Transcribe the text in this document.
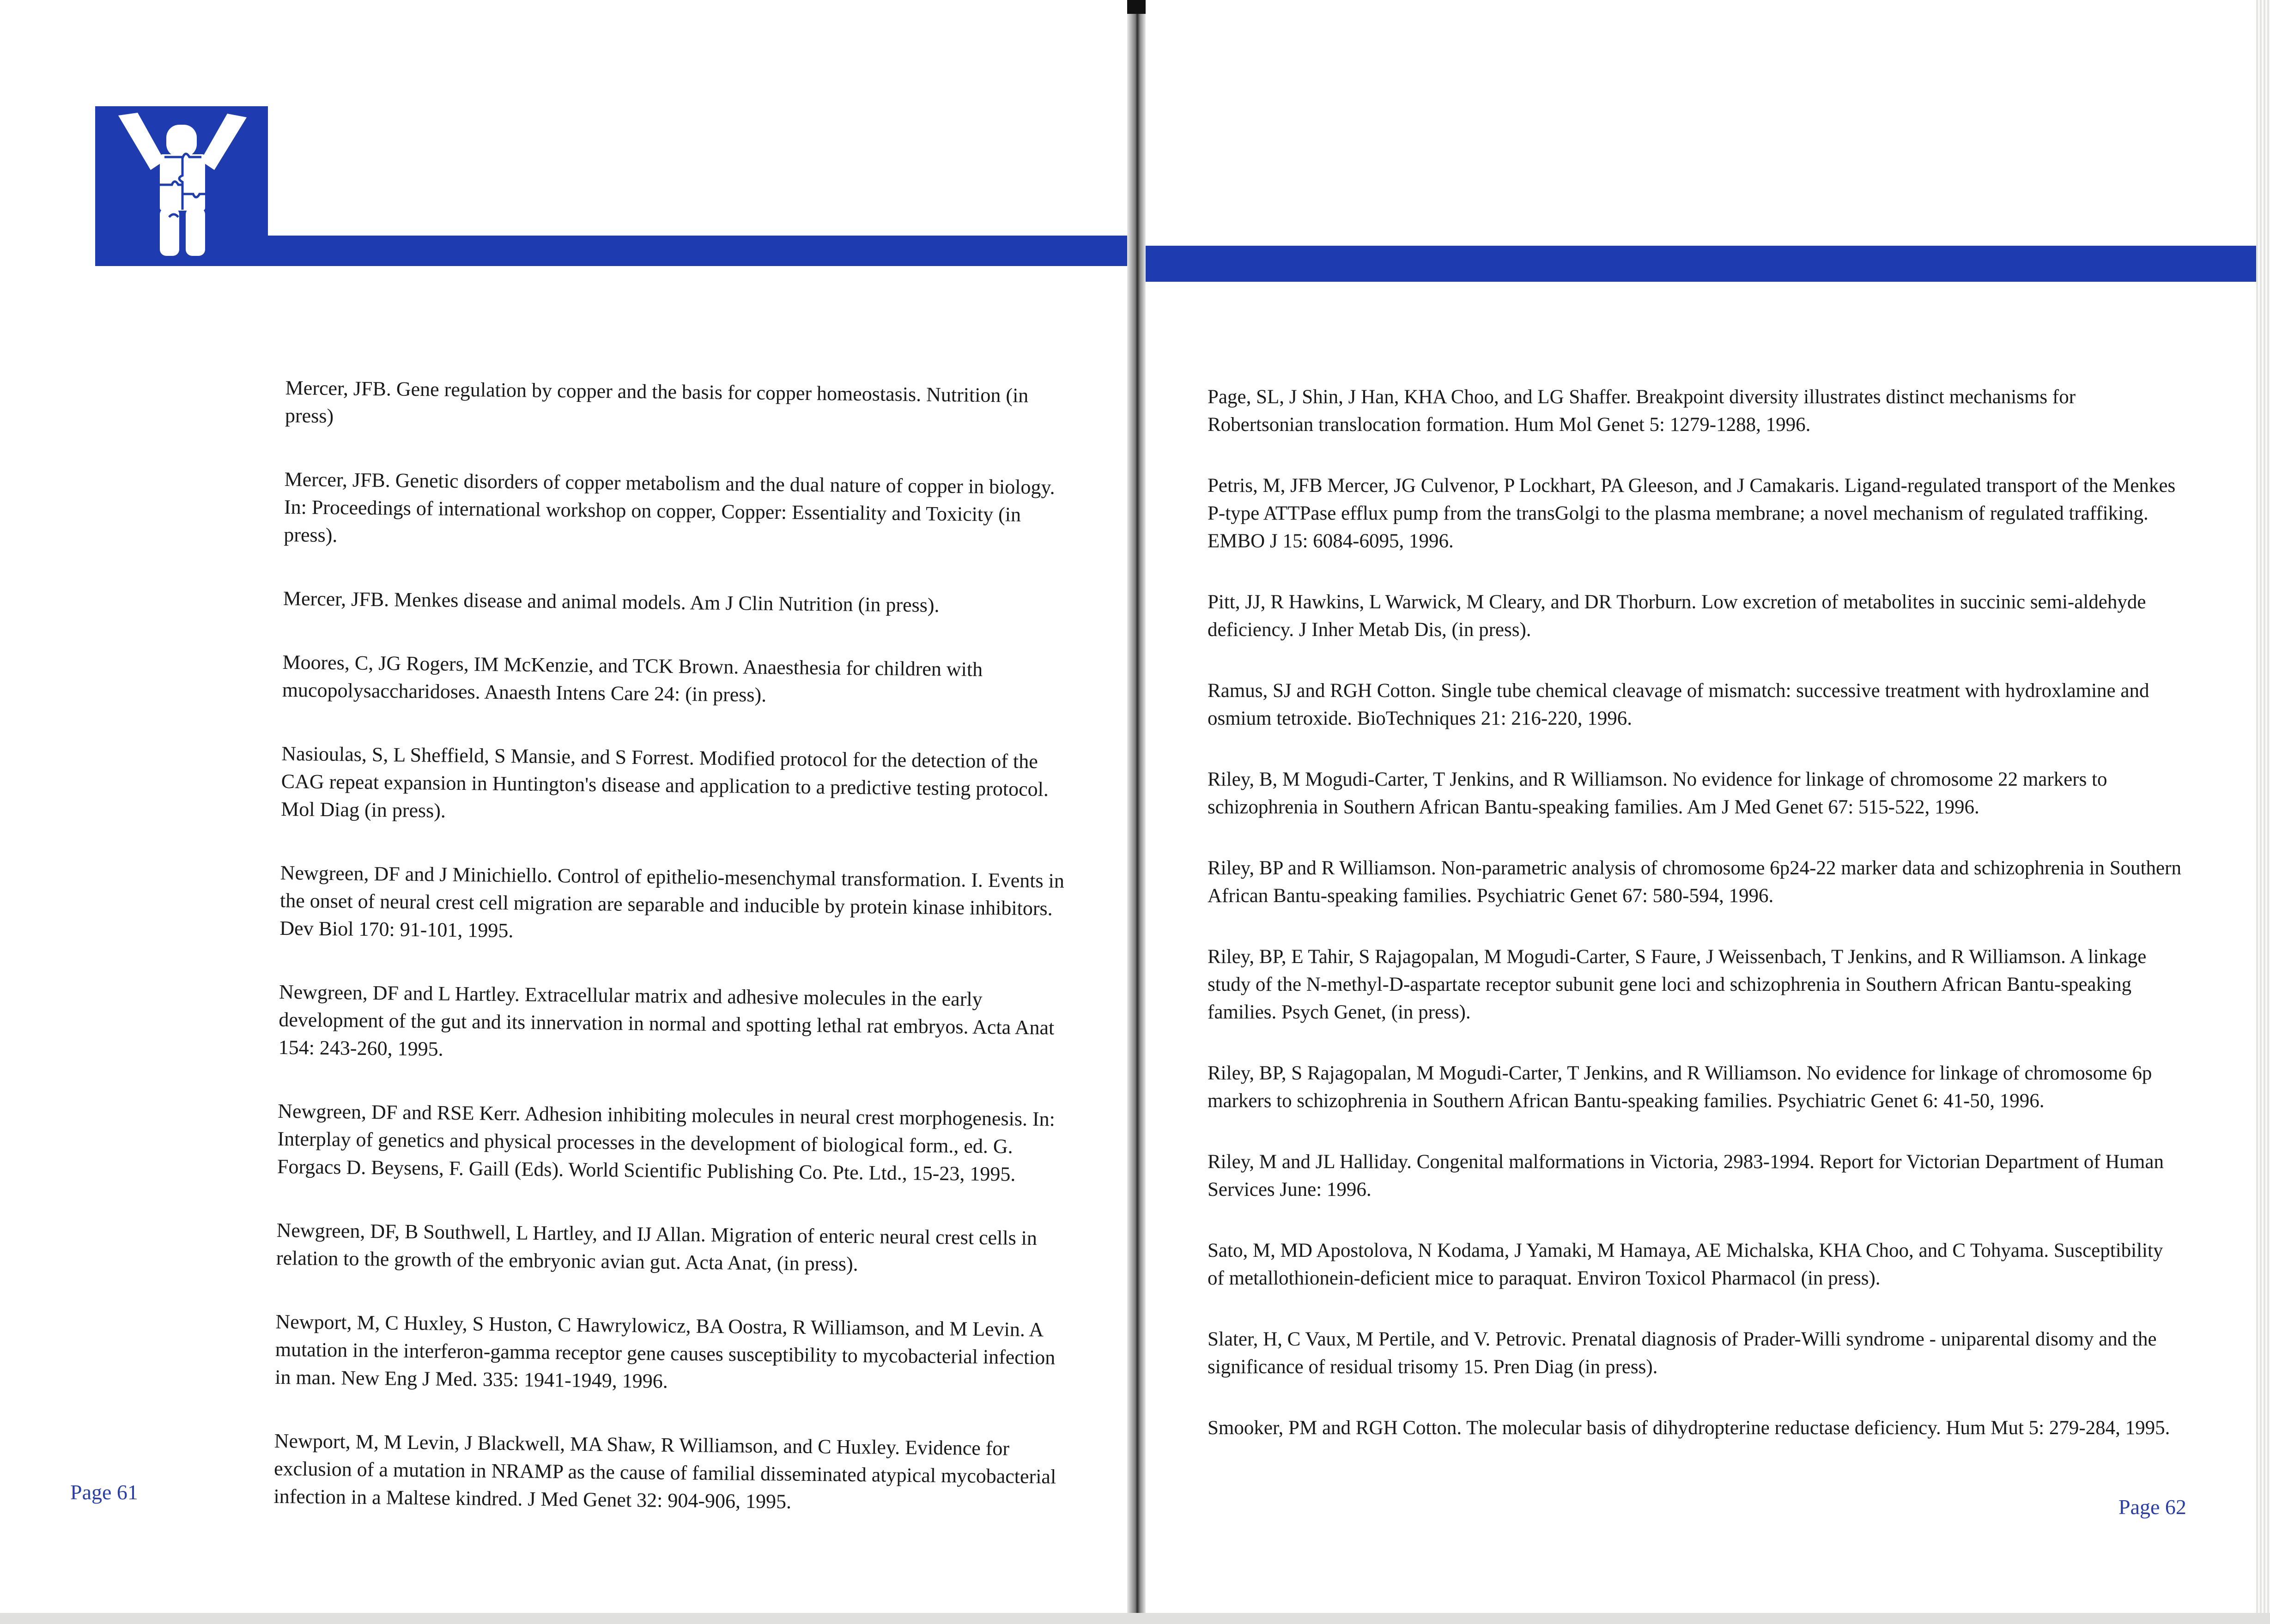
Mercer, JFB. Gene regulation by copper and the basis for copper homeostasis. Nutrition (in press)
Mercer, JFB. Genetic disorders of copper metabolism and the dual nature of copper in biology. In: Proceedings of international workshop on copper, Copper: Essentiality and Toxicity (in press).
Mercer, JFB. Menkes disease and animal models. Am J Clin Nutrition (in press).
Moores, C, JG Rogers, IM McKenzie, and TCK Brown. Anaesthesia for children with mucopolysaccharidoses. Anaesth Intens Care 24: (in press).
Nasioulas, S, L Sheffield, S Mansie, and S Forrest. Modified protocol for the detection of the CAG repeat expansion in Huntington's disease and application to a predictive testing protocol. Mol Diag (in press).
Newgreen, DF and J Minichiello. Control of epithelio-mesenchymal transformation. I. Events in the onset of neural crest cell migration are separable and inducible by protein kinase inhibitors. Dev Biol 170: 91-101, 1995.
Newgreen, DF and L Hartley. Extracellular matrix and adhesive molecules in the early development of the gut and its innervation in normal and spotting lethal rat embryos. Acta Anat 154: 243-260, 1995.
Newgreen, DF and RSE Kerr. Adhesion inhibiting molecules in neural crest morphogenesis. In: Interplay of genetics and physical processes in the development of biological form., ed. G. Forgacs D. Beysens, F. Gaill (Eds). World Scientific Publishing Co. Pte. Ltd., 15-23, 1995.
Newgreen, DF, B Southwell, L Hartley, and IJ Allan. Migration of enteric neural crest cells in relation to the growth of the embryonic avian gut. Acta Anat, (in press).
Newport, M, C Huxley, S Huston, C Hawrylowicz, BA Oostra, R Williamson, and M Levin. A mutation in the interferon-gamma receptor gene causes susceptibility to mycobacterial infection in man. New Eng J Med. 335: 1941-1949, 1996.
Newport, M, M Levin, J Blackwell, MA Shaw, R Williamson, and C Huxley. Evidence for exclusion of a mutation in NRAMP as the cause of familial disseminated atypical mycobacterial infection in a Maltese kindred. J Med Genet 32: 904-906, 1995.
Page 61
Page, SL, J Shin, J Han, KHA Choo, and LG Shaffer. Breakpoint diversity illustrates distinct mechanisms for Robertsonian translocation formation. Hum Mol Genet 5: 1279-1288, 1996.
Petris, M, JFB Mercer, JG Culvenor, P Lockhart, PA Gleeson, and J Camakaris. Ligand-regulated transport of the Menkes P-type ATTPase efflux pump from the transGolgi to the plasma membrane; a novel mechanism of regulated traffiking. EMBO J 15: 6084-6095, 1996.
Pitt, JJ, R Hawkins, L Warwick, M Cleary, and DR Thorburn. Low excretion of metabolites in succinic semi-aldehyde deficiency. J Inher Metab Dis, (in press).
Ramus, SJ and RGH Cotton. Single tube chemical cleavage of mismatch: successive treatment with hydroxlamine and osmium tetroxide. BioTechniques 21: 216-220, 1996.
Riley, B, M Mogudi-Carter, T Jenkins, and R Williamson. No evidence for linkage of chromosome 22 markers to schizophrenia in Southern African Bantu-speaking families. Am J Med Genet 67: 515-522, 1996.
Riley, BP and R Williamson. Non-parametric analysis of chromosome 6p24-22 marker data and schizophrenia in Southern African Bantu-speaking families. Psychiatric Genet 67: 580-594, 1996.
Riley, BP, E Tahir, S Rajagopalan, M Mogudi-Carter, S Faure, J Weissenbach, T Jenkins, and R Williamson. A linkage study of the N-methyl-D-aspartate receptor subunit gene loci and schizophrenia in Southern African Bantu-speaking families. Psych Genet, (in press).
Riley, BP, S Rajagopalan, M Mogudi-Carter, T Jenkins, and R Williamson. No evidence for linkage of chromosome 6p markers to schizophrenia in Southern African Bantu-speaking families. Psychiatric Genet 6: 41-50, 1996.
Riley, M and JL Halliday. Congenital malformations in Victoria, 2983-1994. Report for Victorian Department of Human Services June: 1996.
Sato, M, MD Apostolova, N Kodama, J Yamaki, M Hamaya, AE Michalska, KHA Choo, and C Tohyama. Susceptibility of metallothionein-deficient mice to paraquat. Environ Toxicol Pharmacol (in press).
Slater, H, C Vaux, M Pertile, and V. Petrovic. Prenatal diagnosis of Prader-Willi syndrome - uniparental disomy and the significance of residual trisomy 15. Pren Diag (in press).
Smooker, PM and RGH Cotton. The molecular basis of dihydropterine reductase deficiency. Hum Mut 5: 279-284, 1995.
Page 62
